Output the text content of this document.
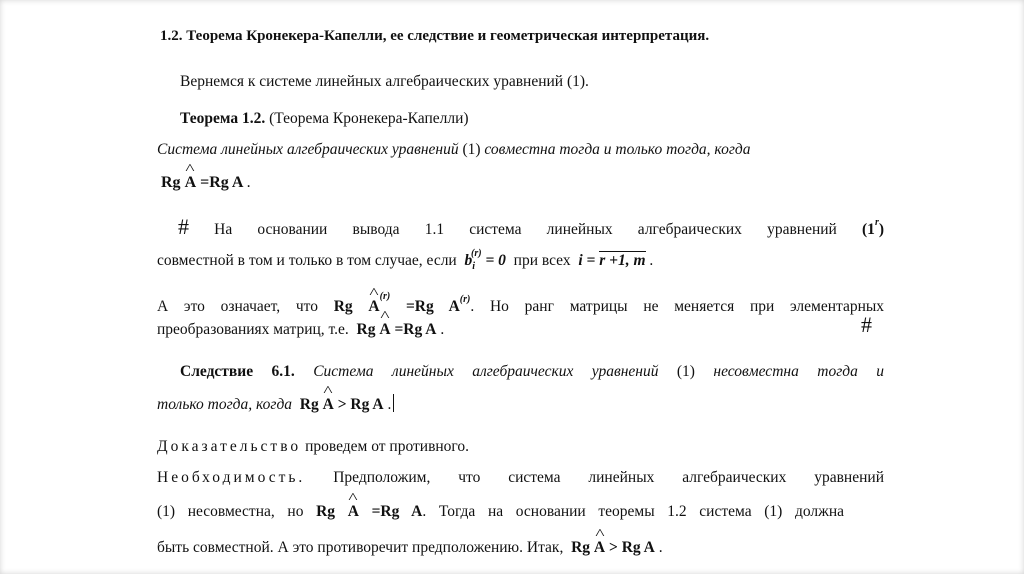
1.2. Теорема Кронекера-Капелли, ее следствие и геометрическая интерпретация.
Вернемся к системе линейных алгебраических уравнений (1).
Теорема 1.2. (Теорема Кронекера-Капелли)
Система линейных алгебраических уравнений (1) совместна тогда и только тогда, когда
Rg ^ A =Rg A .
# На основании вывода 1.1 система линейных алгебраических уравнений (1$^r$)
совместной в том и только в том случае, если $b_i^{(r)} = 0$ при всех i = r +1, m .
А это означает, что Rg ^ $A^{(r)} =Rg$ $A^{(r)}$. Но ранг матрицы не меняется при элементарных
преобразованиях матриц, т.е. Rg ^ A =Rg A .	#
Следствие 6.1. Система линейных алгебраических уравнений (1) несовместна тогда и
только тогда, когда Rg ^ A > Rg A .
Доказательство проведем от противного.
Необходимость. Предположим, что система линейных алгебраических уравнений
(1) несовместна, но Rg ^ A =Rg A. Тогда на основании теоремы 1.2 система (1) должна
быть совместной. А это противоречит предположению. Итак, Rg ^ A > Rg A .
